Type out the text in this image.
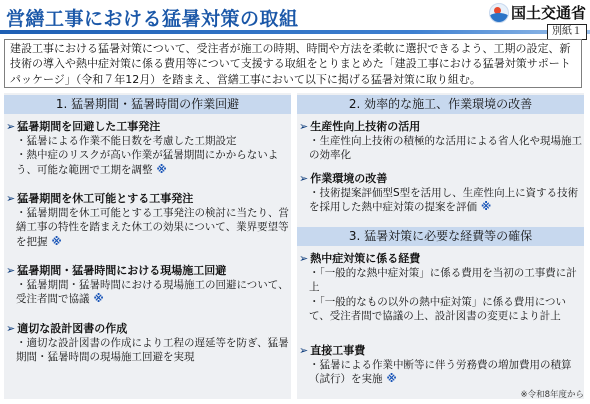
営繕工事における猛暑対策の取組	国土交通省
別紙１
建設工事における猛暑対策について、受注者が施工の時期、時間や方法を柔軟に選択できるよう、工期の設定、新技術の導入や熱中症対策に係る費用等について支援する取組をとりまとめた「建設工事における猛暑対策サポートパッケージ」（令和７年12月）を踏まえ、営繕工事において以下に掲げる猛暑対策に取り組む。
1. 猛暑期間・猛暑時間の作業回避
➢ 猛暑期間を回避した工事発注
・猛暑による作業不能日数を考慮した工期設定
・熱中症のリスクが高い作業が猛暑期間にかからないよう、可能な範囲で工期を調整 ※
➢ 猛暑期間を休工可能とする工事発注
・猛暑期間を休工可能とする工事発注の検討に当たり、営繕工事の特性を踏まえた休工の効果について、業界要望等を把握 ※
➢ 猛暑期間・猛暑時間における現場施工回避
・猛暑期間・猛暑時間における現場施工の回避について、受注者間で協議 ※
➢ 適切な設計図書の作成
・適切な設計図書の作成により工程の遅延等を防ぎ、猛暑期間・猛暑時間の現場施工回避を実現
2. 効率的な施工、作業環境の改善
➢ 生産性向上技術の活用
・生産性向上技術の積極的な活用による省人化や現場施工の効率化
➢ 作業環境の改善
・技術提案評価型S型を活用し、生産性向上に資する技術を採用した熱中症対策の提案を評価 ※
3. 猛暑対策に必要な経費等の確保
➢ 熱中症対策に係る経費
・「一般的な熱中症対策」に係る費用を当初の工事費に計上
・「一般的なもの以外の熱中症対策」に係る費用について、受注者間で協議の上、設計図書の変更により計上
➢ 直接工事費
・猛暑による作業中断等に伴う労務費の増加費用の積算（試行）を実施 ※
※令和8年度から
